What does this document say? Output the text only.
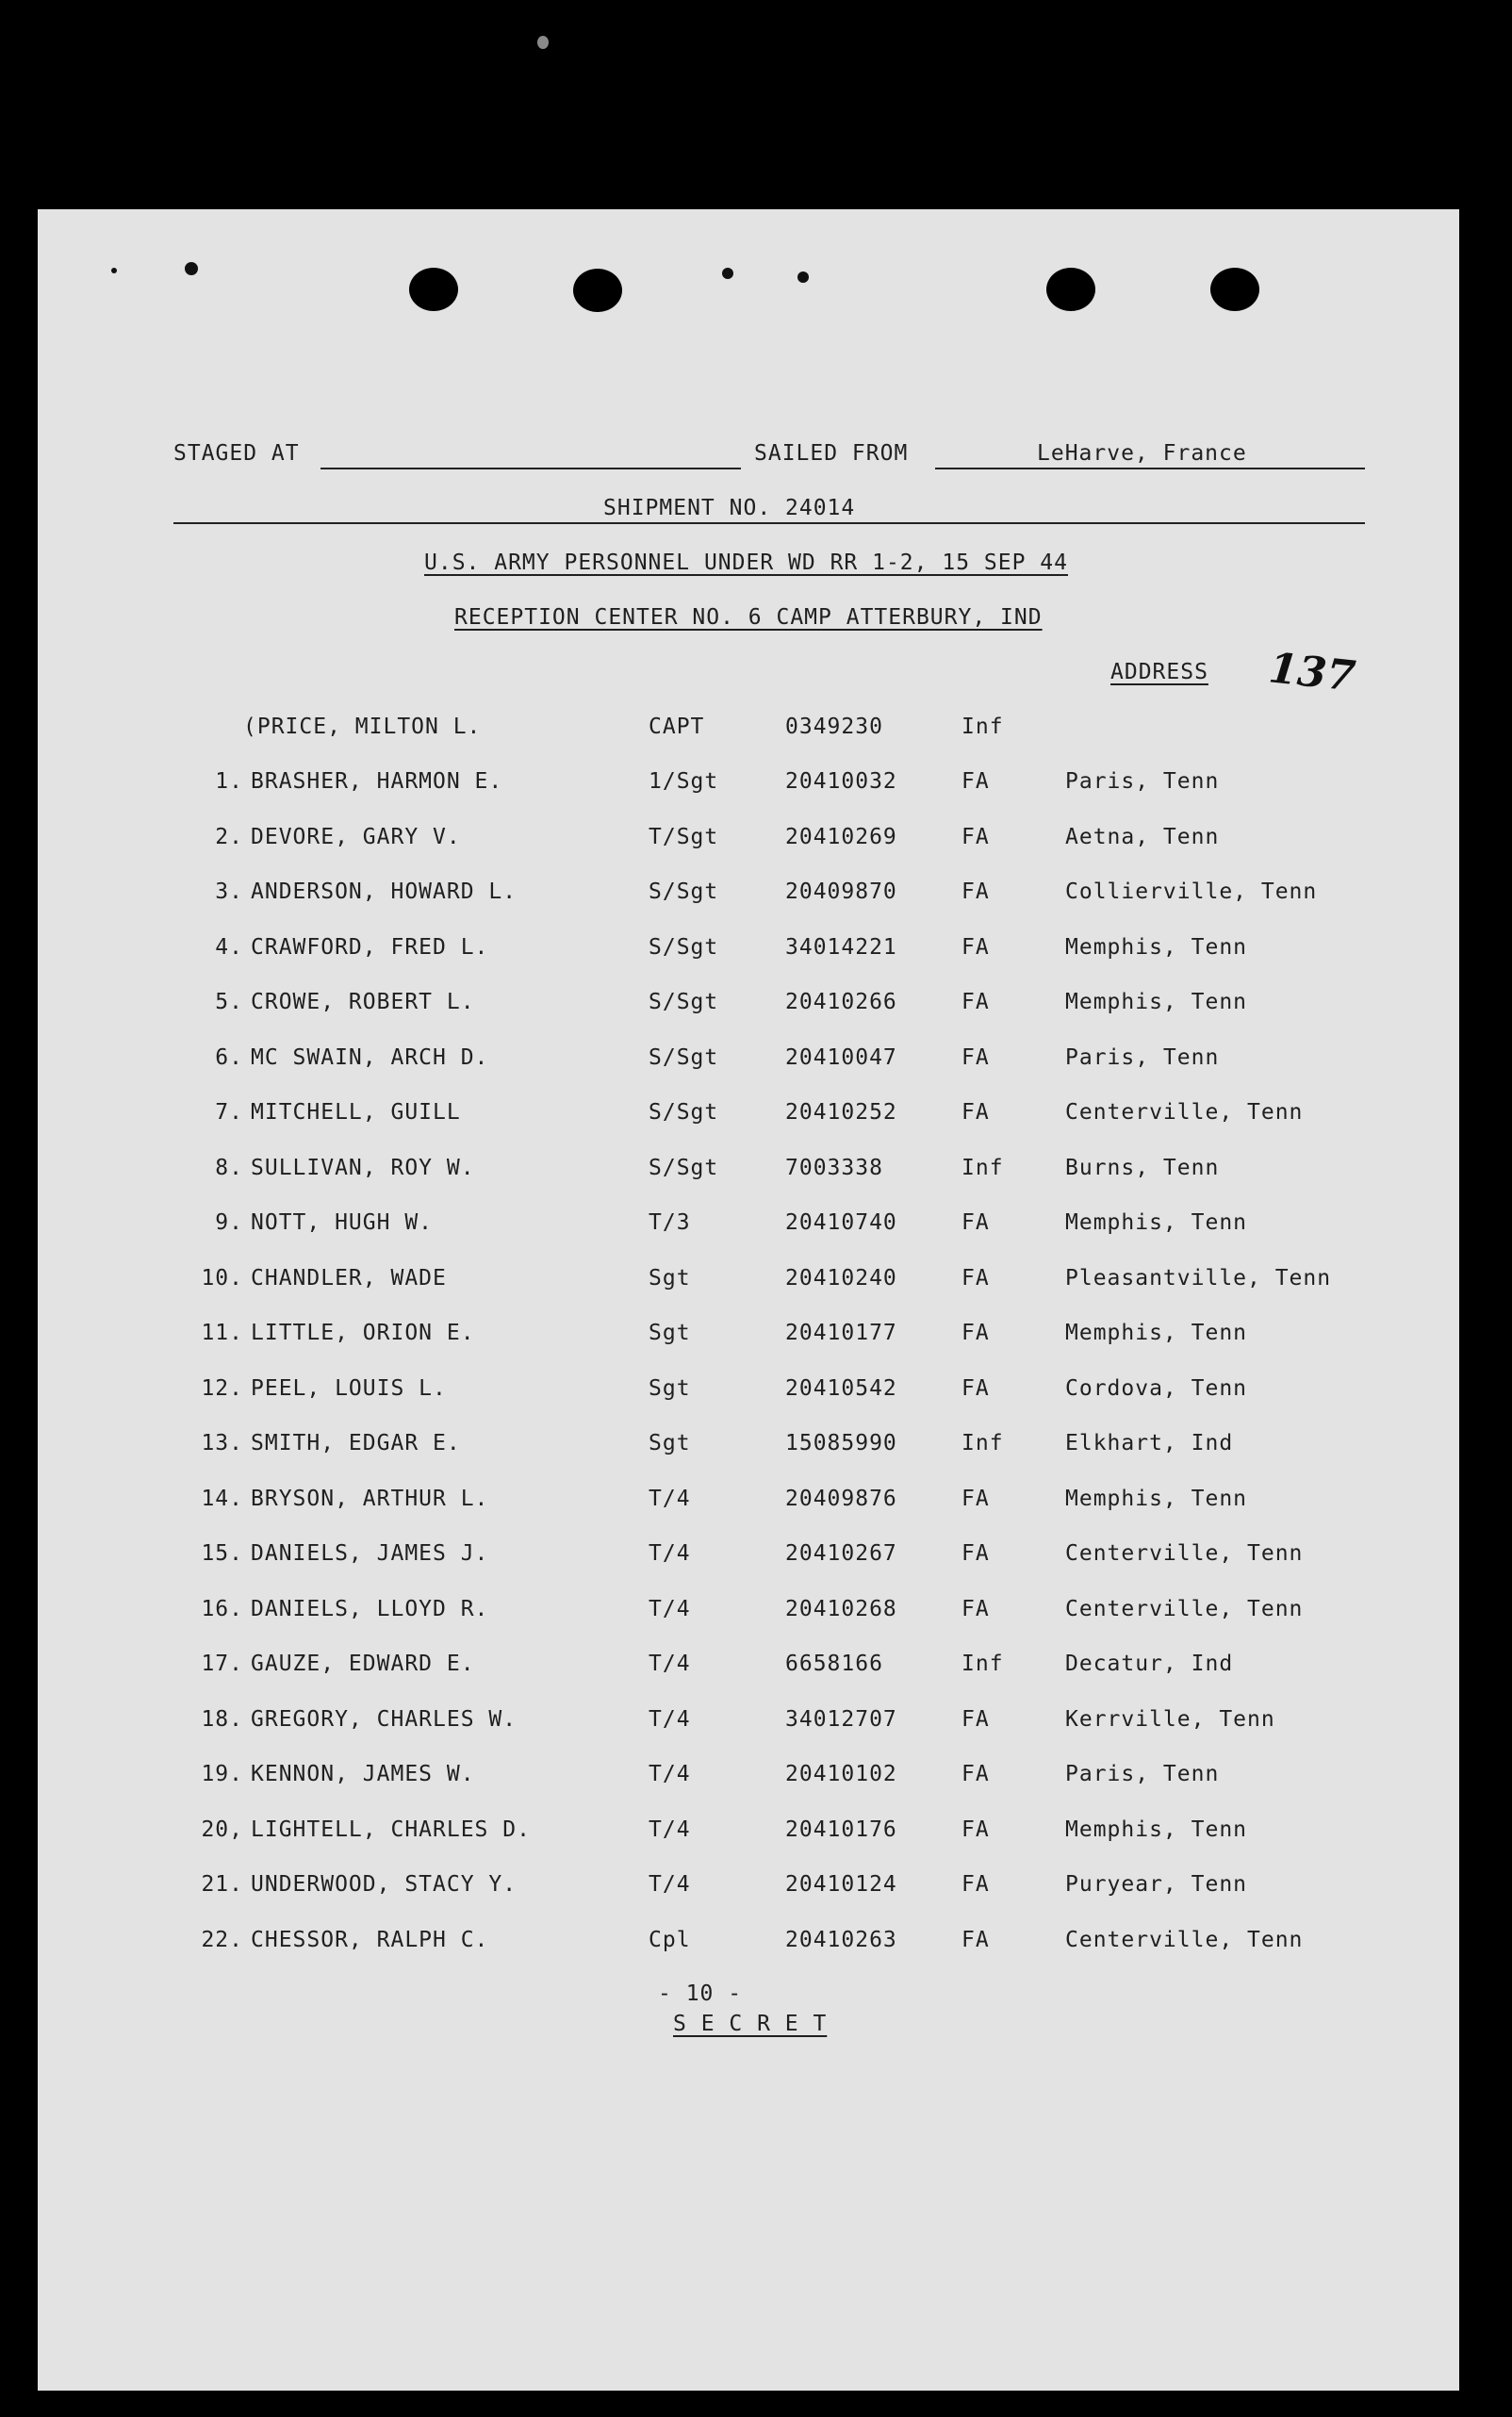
STAGED AT	SAILED FROM	LeHarve, France
SHIPMENT NO. 24014
U.S. ARMY PERSONNEL UNDER WD RR 1-2, 15 SEP 44
RECEPTION CENTER NO. 6 CAMP ATTERBURY, IND
ADDRESS 137
(PRICE, MILTON L.	CAPT	0349230	Inf
1. BRASHER, HARMON E.	1/Sgt	20410032	FA	Paris, Tenn
2. DEVORE, GARY V.	T/Sgt	20410269	FA	Aetna, Tenn
3. ANDERSON, HOWARD L.	S/Sgt	20409870	FA	Collierville, Tenn
4. CRAWFORD, FRED L.	S/Sgt	34014221	FA	Memphis, Tenn
5. CROWE, ROBERT L.	S/Sgt	20410266	FA	Memphis, Tenn
6. MC SWAIN, ARCH D.	S/Sgt	20410047	FA	Paris, Tenn
7. MITCHELL, GUILL	S/Sgt	20410252	FA	Centerville, Tenn
8. SULLIVAN, ROY W.	S/Sgt	7003338	Inf	Burns, Tenn
9. NOTT, HUGH W.	T/3	20410740	FA	Memphis, Tenn
10. CHANDLER, WADE	Sgt	20410240	FA	Pleasantville, Tenn
11. LITTLE, ORION E.	Sgt	20410177	FA	Memphis, Tenn
12. PEEL, LOUIS L.	Sgt	20410542	FA	Cordova, Tenn
13. SMITH, EDGAR E.	Sgt	15085990	Inf	Elkhart, Ind
14. BRYSON, ARTHUR L.	T/4	20409876	FA	Memphis, Tenn
15. DANIELS, JAMES J.	T/4	20410267	FA	Centerville, Tenn
16. DANIELS, LLOYD R.	T/4	20410268	FA	Centerville, Tenn
17. GAUZE, EDWARD E.	T/4	6658166	Inf	Decatur, Ind
18. GREGORY, CHARLES W.	T/4	34012707	FA	Kerrville, Tenn
19. KENNON, JAMES W.	T/4	20410102	FA	Paris, Tenn
20, LIGHTELL, CHARLES D.	T/4	20410176	FA	Memphis, Tenn
21. UNDERWOOD, STACY Y.	T/4	20410124	FA	Puryear, Tenn
22. CHESSOR, RALPH C.	Cpl	20410263	FA	Centerville, Tenn
- 10 -
S E C R E T
